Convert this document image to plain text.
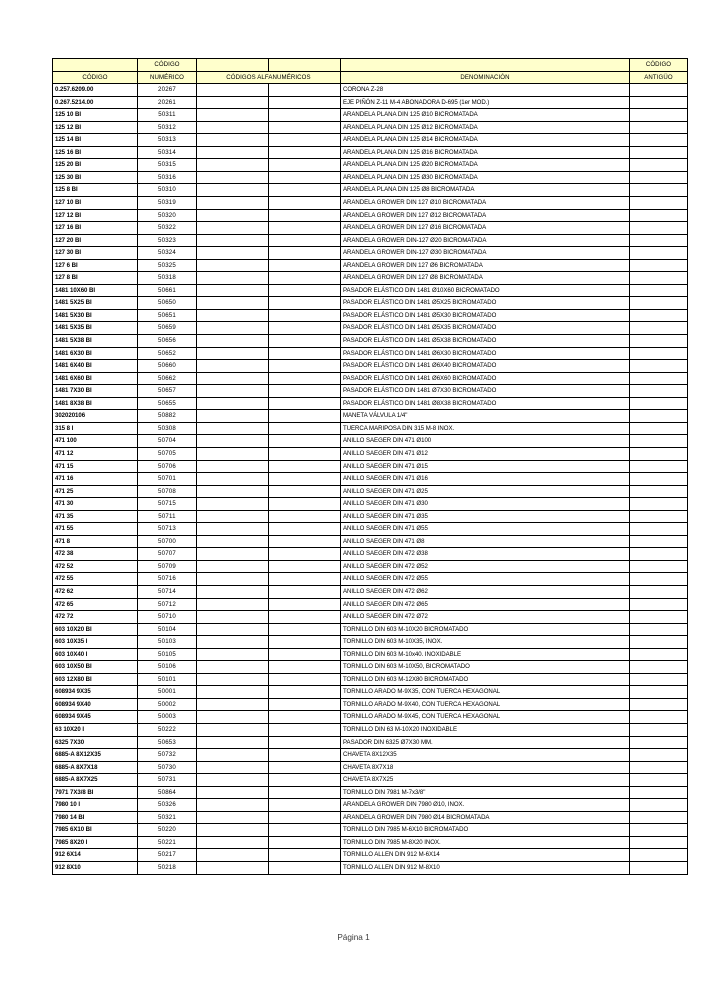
	CÓDIGO				CÓDIGO
CÓDIGO	NUMÉRICO	CÓDIGOS ALFANUMÉRICOS		DENOMINACIÓN	ANTIGÜO
0.257.6209.00	20267			CORONA Z-28	
0.267.5214.00	20261			EJE PIÑÓN Z-11 M-4 ABONADORA D-695 (1er MOD.)	
125 10 BI	50311			ARANDELA PLANA DIN 125 Ø10 BICROMATADA	
125 12 BI	50312			ARANDELA PLANA DIN 125 Ø12 BICROMATADA	
125 14 BI	50313			ARANDELA PLANA DIN 125 Ø14 BICROMATADA	
125 16 BI	50314			ARANDELA PLANA DIN 125 Ø16 BICROMATADA	
125 20 BI	50315			ARANDELA PLANA DIN 125 Ø20 BICROMATADA	
125 30 BI	50316			ARANDELA PLANA DIN 125 Ø30 BICROMATADA	
125 8 BI	50310			ARANDELA PLANA DIN 125 Ø8 BICROMATADA	
127 10 BI	50319			ARANDELA GROWER DIN 127 Ø10 BICROMATADA	
127 12 BI	50320			ARANDELA GROWER DIN 127 Ø12 BICROMATADA	
127 16 BI	50322			ARANDELA GROWER DIN 127 Ø16 BICROMATADA	
127 20 BI	50323			ARANDELA GROWER DIN-127 Ø20 BICROMATADA	
127 30 BI	50324			ARANDELA GROWER DIN-127 Ø30 BICROMATADA	
127 6 BI	50325			ARANDELA GROWER DIN 127 Ø6 BICROMATADA	
127 8 BI	50318			ARANDELA GROWER DIN 127 Ø8 BICROMATADA	
1481 10X60 BI	50661			PASADOR ELÁSTICO DIN 1481 Ø10X60 BICROMATADO	
1481 5X25 BI	50650			PASADOR ELÁSTICO DIN 1481 Ø5X25 BICROMATADO	
1481 5X30 BI	50651			PASADOR ELÁSTICO DIN 1481 Ø5X30 BICROMATADO	
1481 5X35 BI	50659			PASADOR ELÁSTICO DIN 1481 Ø5X35 BICROMATADO	
1481 5X38 BI	50656			PASADOR ELÁSTICO DIN 1481 Ø5X38 BICROMATADO	
1481 6X30 BI	50652			PASADOR ELÁSTICO DIN 1481 Ø6X30 BICROMATADO	
1481 6X40 BI	50660			PASADOR ELÁSTICO DIN 1481 Ø6X40 BICROMATADO	
1481 6X60 BI	50662			PASADOR ELÁSTICO DIN 1481 Ø6X60 BICROMATADO	
1481 7X30 BI	50657			PASADOR ELÁSTICO DIN 1481 Ø7X30 BICROMATADO	
1481 8X38 BI	50655			PASADOR ELÁSTICO DIN 1481 Ø8X38 BICROMATADO	
302020106	50882			MANETA VÁLVULA 1/4"	
315 8 I	50308			TUERCA MARIPOSA DIN 315 M-8 INOX.	
471 100	50704			ANILLO SAEGER DIN 471 Ø100	
471 12	50705			ANILLO SAEGER DIN 471 Ø12	
471 15	50706			ANILLO SAEGER DIN 471 Ø15	
471 16	50701			ANILLO SAEGER DIN 471 Ø16	
471 25	50708			ANILLO SAEGER DIN 471 Ø25	
471 30	50715			ANILLO SAEGER DIN 471 Ø30	
471 35	50711			ANILLO SAEGER DIN 471 Ø35	
471 55	50713			ANILLO SAEGER DIN 471 Ø55	
471 8	50700			ANILLO SAEGER DIN 471 Ø8	
472 38	50707			ANILLO SAEGER DIN 472 Ø38	
472 52	50709			ANILLO SAEGER DIN 472 Ø52	
472 55	50716			ANILLO SAEGER DIN 472 Ø55	
472 62	50714			ANILLO SAEGER DIN 472 Ø62	
472 65	50712			ANILLO SAEGER DIN 472 Ø65	
472 72	50710			ANILLO SAEGER DIN 472 Ø72	
603 10X20 BI	50104			TORNILLO DIN 603 M-10X20 BICROMATADO	
603 10X35 I	50103			TORNILLO DIN 603 M-10X35, INOX.	
603 10X40 I	50105			TORNILLO DIN 603 M-10x40. INOXIDABLE	
603 10X50 BI	50106			TORNILLO DIN 603 M-10X50, BICROMATADO	
603 12X80 BI	50101			TORNILLO DIN 603 M-12X80 BICROMATADO	
608934 9X35	50001			TORNILLO ARADO M-9X35, CON TUERCA HEXAGONAL	
608934 9X40	50002			TORNILLO ARADO M-9X40, CON TUERCA HEXAGONAL	
608934 9X45	50003			TORNILLO ARADO M-9X45, CON TUERCA HEXAGONAL	
63 10X20 I	50222			TORNILLO DIN 63 M-10X20 INOXIDABLE	
6325 7X30	50653			PASADOR DIN 6325 Ø7X30 MM.	
6885-A 8X12X35	50732			CHAVETA 8X12X35	
6885-A 8X7X18	50730			CHAVETA 8X7X18	
6885-A 8X7X25	50731			CHAVETA 8X7X25	
7971 7X3/8 BI	50864			TORNILLO DIN 7981 M-7x3/8"	
7980 10 I	50326			ARANDELA GROWER DIN 7980 Ø10, INOX.	
7980 14 BI	50321			ARANDELA GROWER DIN 7980 Ø14 BICROMATADA	
7985 6X10 BI	50220			TORNILLO DIN 7985 M-6X10 BICROMATADO	
7985 8X20 I	50221			TORNILLO DIN 7985 M-8X20 INOX.	
912 6X14	50217			TORNILLO ALLEN DIN 912 M-6X14	
912 8X10	50218			TORNILLO ALLEN DIN 912 M-8X10	
Página 1
